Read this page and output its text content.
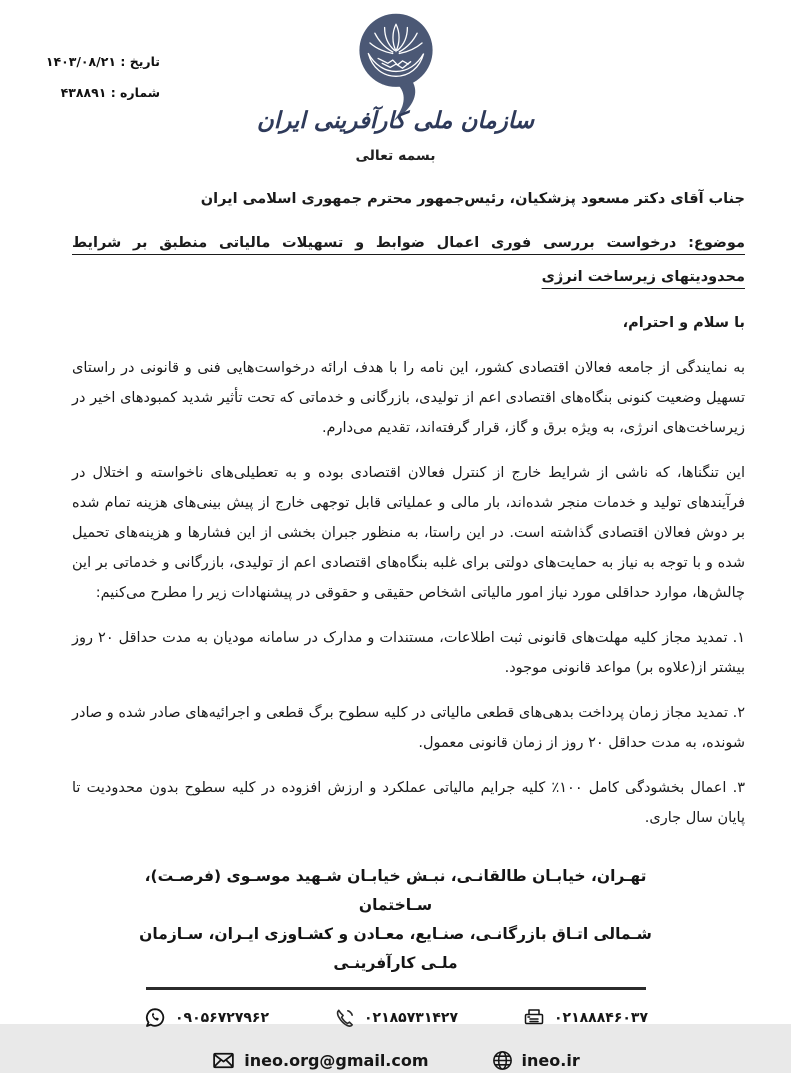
تاریخ : ۱۴۰۳/۰۸/۲۱
شماره : ۴۳۸۸۹۱
سازمان ملی کارآفرینی ایران
بسمه تعالی
جناب آقای دکتر مسعود پزشکیان، رئیس‌جمهور محترم جمهوری اسلامی ایران
موضوع: درخواست بررسی فوری اعمال ضوابط و تسهیلات مالیاتی منطبق بر شرایط محدودیتهای زیرساخت انرژی
با سلام و احترام،

به نمایندگی از جامعه فعالان اقتصادی کشور، این نامه را با هدف ارائه درخواست‌هایی فنی و قانونی در راستای تسهیل وضعیت کنونی بنگاه‌های اقتصادی اعم از تولیدی، بازرگانی و خدماتی که تحت تأثیر شدید کمبودهای اخیر در زیرساخت‌های انرژی، به ویژه برق و گاز، قرار گرفته‌اند، تقدیم می‌دارم.

این تنگناها، که ناشی از شرایط خارج از کنترل فعالان اقتصادی بوده و به تعطیلی‌های ناخواسته و اختلال در فرآیندهای تولید و خدمات منجر شده‌اند، بار مالی و عملیاتی قابل توجهی خارج از پیش بینی‌های هزینه تمام شده بر دوش فعالان اقتصادی گذاشته است. در این راستا، به منظور جبران بخشی از این فشارها و هزینه‌های تحمیل شده و با توجه به نیاز به حمایت‌های دولتی برای غلبه بنگاه‌های اقتصادی اعم از تولیدی، بازرگانی و خدماتی بر این چالش‌ها، موارد حداقلی مورد نیاز امور مالیاتی اشخاص حقیقی و حقوقی در پیشنهادات زیر را مطرح می‌کنیم:

۱. تمدید مجاز کلیه مهلت‌های قانونی ثبت اطلاعات، مستندات و مدارک در سامانه مودیان به مدت حداقل ۲۰ روز بیشتر از(علاوه بر) مواعد قانونی موجود.

۲. تمدید مجاز زمان پرداخت بدهی‌های قطعی مالیاتی در کلیه سطوح برگ قطعی و اجرائیه‌های صادر شده و صادر شونده، به مدت حداقل ۲۰ روز از زمان قانونی معمول.

۳. اعمال بخشودگی کامل ۱۰۰٪ کلیه جرایم مالیاتی عملکرد و ارزش افزوده در کلیه سطوح بدون محدودیت تا پایان سال جاری.

تهـران، خیابـان طالقانـی، نبـش خیابـان شـهید موسـوی (فرصـت)، سـاختمان
شـمالی اتـاق بازرگانـی، صنـایع، معـادن و کشـاوزی ایـران، سـازمان ملـی کارآفرینـی
۰۹۰۵۶۷۲۷۹۶۲	۰۲۱۸۵۷۳۱۴۲۷	۰۲۱۸۸۸۴۶۰۳۷
ineo.org@gmail.com	ineo.ir
